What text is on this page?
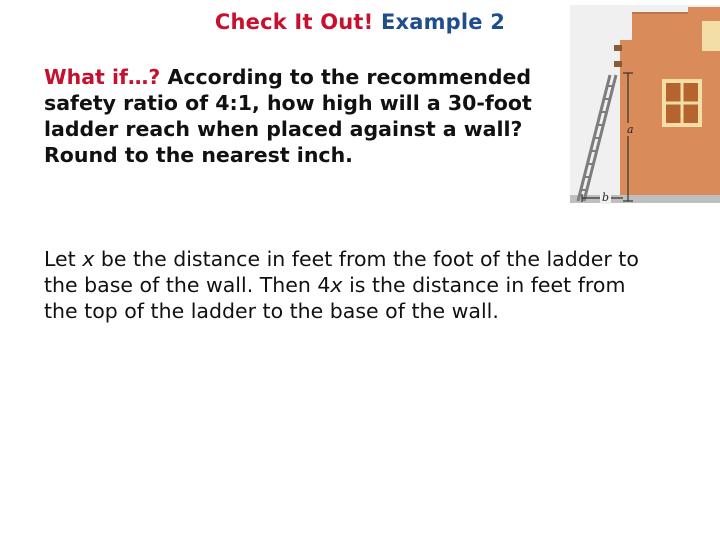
Check It Out! Example 2
What if…? According to the recommended safety ratio of 4:1, how high will a 30-foot ladder reach when placed against a wall? Round to the nearest inch.
Let x be the distance in feet from the foot of the ladder to the base of the wall. Then 4x is the distance in feet from the top of the ladder to the base of the wall.
a
b
